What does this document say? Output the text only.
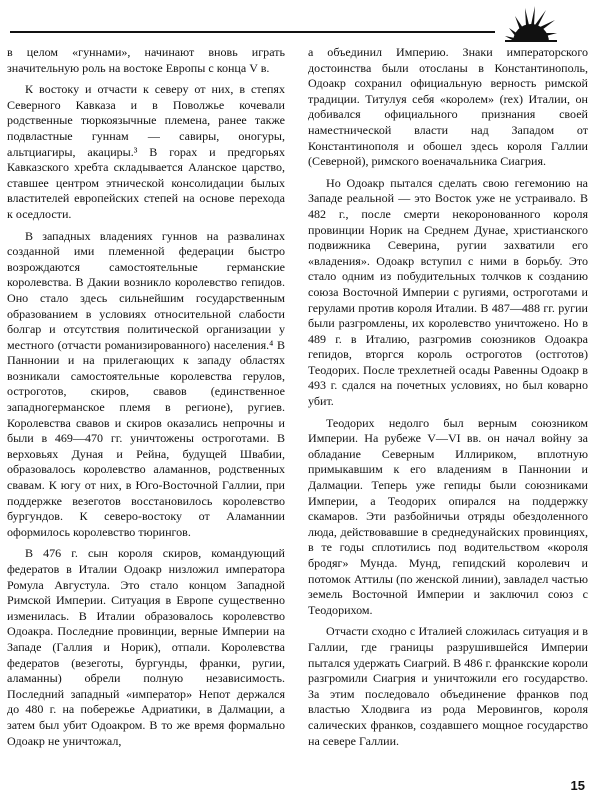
в целом «гуннами», начинают вновь играть значительную роль на востоке Европы с конца V в.

К востоку и отчасти к северу от них, в степях Северного Кавказа и в Поволжье кочевали родственные тюркоязычные племена, ранее также подвластные гуннам — савиры, оногуры, альтциагиры, акациры.³ В горах и предгорьях Кавказского хребта складывается Аланское царство, ставшее центром этнической консолидации былых властителей европейских степей на основе перехода к оседлости.

В западных владениях гуннов на развалинах созданной ими племенной федерации быстро возрождаются самостоятельные германские королевства. В Дакии возникло королевство гепидов. Оно стало здесь сильнейшим государственным образованием в условиях относительной слабости болгар и отсутствия политической организации у местного (отчасти романизированного) населения.⁴ В Паннонии и на прилегающих к западу областях возникали самостоятельные королевства герулов, остроготов, скиров, свавов (единственное западногерманское племя в регионе), ругиев. Королевства свавов и скиров оказались непрочны и были в 469—470 гг. уничтожены остроготами. В верховьях Дуная и Рейна, будущей Швабии, образовалось королевство аламаннов, родственных свавам. К югу от них, в Юго-Восточной Галлии, при поддержке везеготов восстановилось королевство бургундов. К северо-востоку от Аламаннии оформилось королевство тюрингов.

В 476 г. сын короля скиров, командующий федератов в Италии Одоакр низложил императора Ромула Августула. Это стало концом Западной Римской Империи. Ситуация в Европе существенно изменилась. В Италии образовалось королевство Одоакра. Последние провинции, верные Империи на Западе (Галлия и Норик), отпали. Королевства федератов (везеготы, бургунды, франки, ругии, аламанны) обрели полную независимость. Последний западный «император» Непот держался до 480 г. на побережье Адриатики, в Далмации, а затем был убит Одоакром. В то же время формально Одоакр не уничтожал,

а объединил Империю. Знаки императорского достоинства были отосланы в Константинополь, Одоакр сохранил официальную верность римской традиции. Титулуя себя «королем» (rex) Италии, он добивался официального признания своей наместнической власти над Западом от Константинополя и обошел здесь короля Галлии (Северной), римского военачальника Сиагрия.

Но Одоакр пытался сделать свою гегемонию на Западе реальной — это Восток уже не устраивало. В 482 г., после смерти некоронованного короля провинции Норик на Среднем Дунае, христианского подвижника Северина, ругии захватили его «владения». Одоакр вступил с ними в борьбу. Это стало одним из побудительных толчков к созданию союза Восточной Империи с ругиями, остроготами и герулами против короля Италии. В 487—488 гг. ругии были разгромлены, их королевство уничтожено. Но в 489 г. в Италию, разгромив союзников Одоакра гепидов, вторгся король остроготов (остготов) Теодорих. После трехлетней осады Равенны Одоакр в 493 г. сдался на почетных условиях, но был коварно убит.

Теодорих недолго был верным союзником Империи. На рубеже V—VI вв. он начал войну за обладание Северным Иллириком, вплотную примыкавшим к его владениям в Паннонии и Далмации. Теперь уже гепиды были союзниками Империи, а Теодорих опирался на поддержку скамаров. Эти разбойничьи отряды обездоленного люда, действовавшие в среднедунайских провинциях, в те годы сплотились под водительством «короля бродяг» Мунда. Мунд, гепидский королевич и потомок Аттилы (по женской линии), завладел частью земель Восточной Империи и заключил союз с Теодорихом.

Отчасти сходно с Италией сложилась ситуация и в Галлии, где границы разрушившейся Империи пытался удержать Сиагрий. В 486 г. франкские короли разгромили Сиагрия и уничтожили его государство. За этим последовало объединение франков под властью Хлодвига из рода Меровингов, короля салических франков, создавшего мощное государство на севере Галлии.

15
